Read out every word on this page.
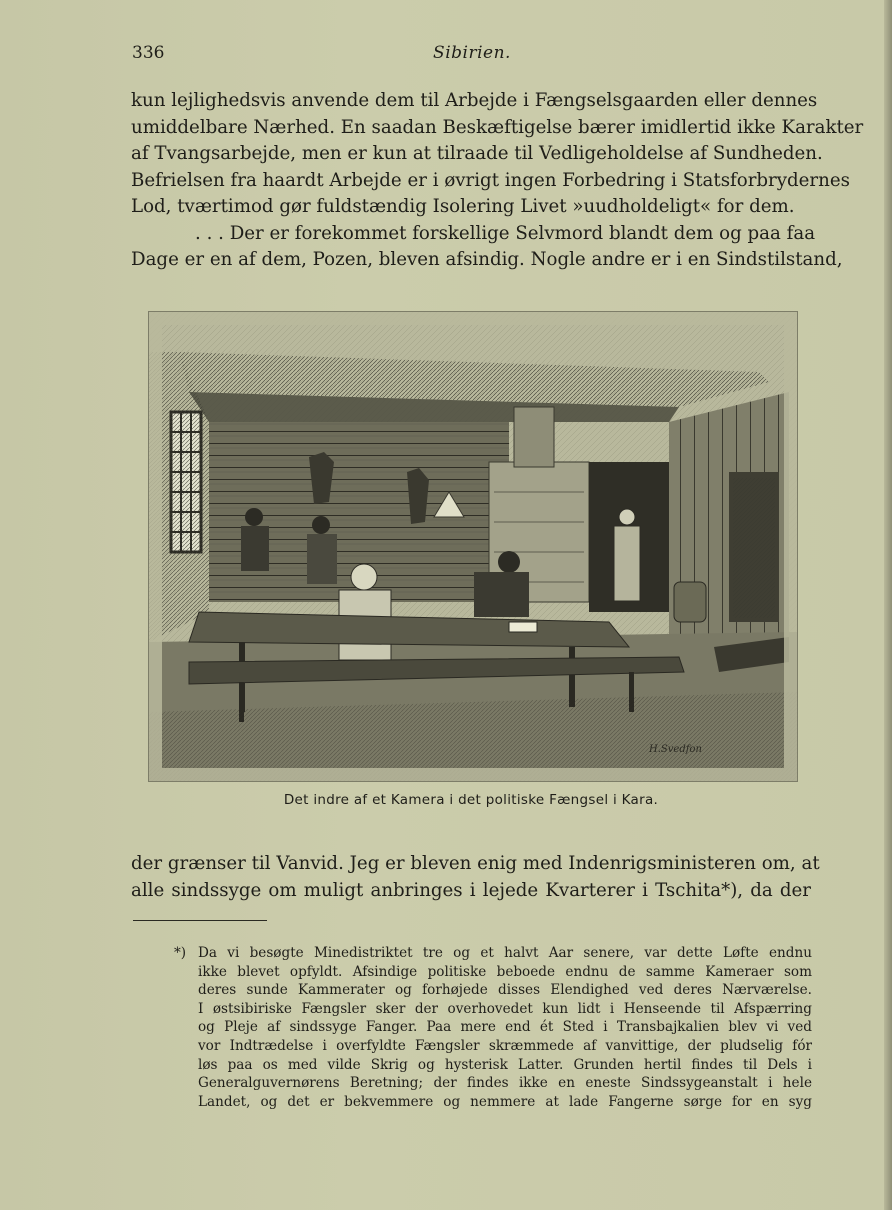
336	Sibirien.
kun lejlighedsvis anvende dem til Arbejde i Fængselsgaarden eller dennes
umiddelbare Nærhed. En saadan Beskæftigelse bærer imidlertid ikke Karakter
af Tvangsarbejde, men er kun at tilraade til Vedligeholdelse af Sundheden.
Befrielsen fra haardt Arbejde er i øvrigt ingen Forbedring i Statsforbrydernes
Lod, tværtimod gør fuldstændig Isolering Livet »uudholdeligt« for dem.
. . . Der er forekommet forskellige Selvmord blandt dem og paa faa
Dage er en af dem, Pozen, bleven afsindig. Nogle andre er i en Sindstilstand,
H.Svedfon
Det indre af et Kamera i det politiske Fængsel i Kara.
der grænser til Vanvid. Jeg er bleven enig med Indenrigsministeren om, at
alle sindssyge om muligt anbringes i lejede Kvarterer i Tschita*), da der
*) Da vi besøgte Minedistriktet tre og et halvt Aar senere, var dette Løfte endnu
ikke blevet opfyldt. Afsindige politiske beboede endnu de samme Kameraer som
deres sunde Kammerater og forhøjede disses Elendighed ved deres Nærværelse.
I østsibiriske Fængsler sker der overhovedet kun lidt i Henseende til Afspærring
og Pleje af sindssyge Fanger. Paa mere end ét Sted i Transbajkalien blev vi ved
vor Indtrædelse i overfyldte Fængsler skræmmede af vanvittige, der pludselig fór
løs paa os med vilde Skrig og hysterisk Latter. Grunden hertil findes til Dels i
Generalguvernørens Beretning; der findes ikke en eneste Sindssygeanstalt i hele
Landet, og det er bekvemmere og nemmere at lade Fangerne sørge for en syg
